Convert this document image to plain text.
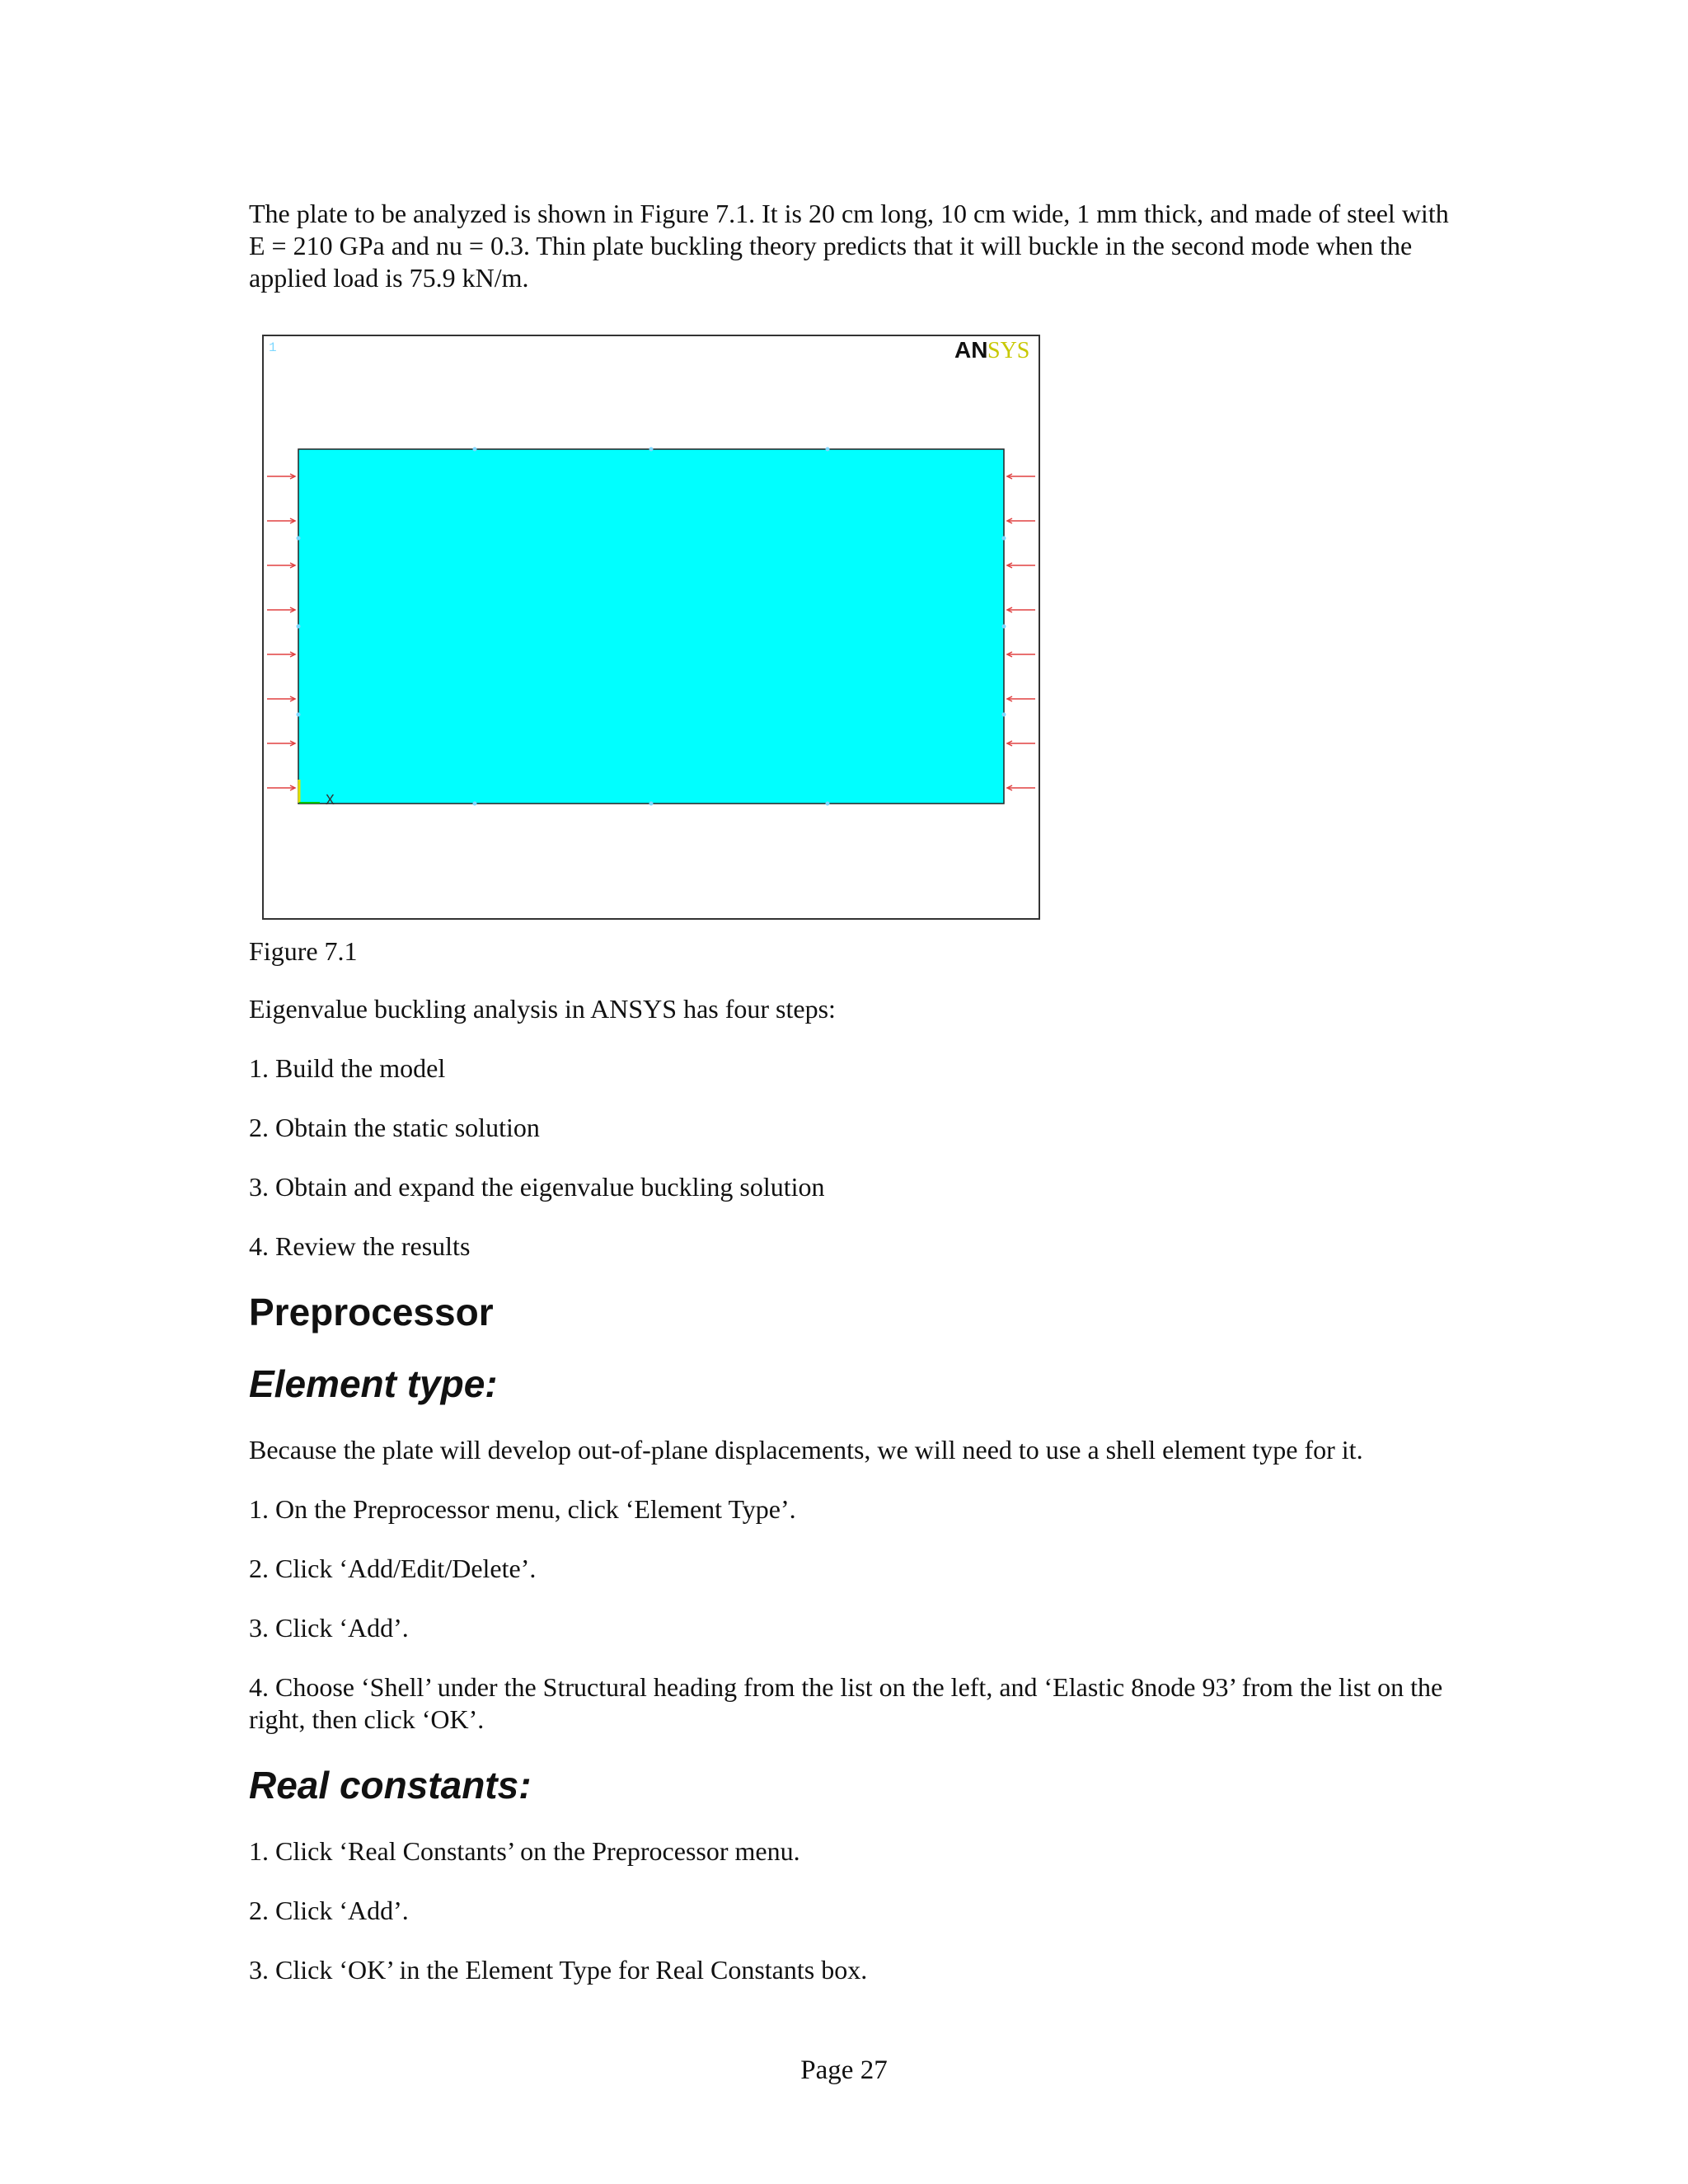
The plate to be analyzed is shown in Figure 7.1. It is 20 cm long, 10 cm wide, 1 mm thick, and made of steel with E = 210 GPa and nu = 0.3. Thin plate buckling theory predicts that it will buckle in the second mode when the applied load is 75.9 kN/m.

1	AN SYS
X

Figure 7.1

Eigenvalue buckling analysis in ANSYS has four steps:

1. Build the model

2. Obtain the static solution

3. Obtain and expand the eigenvalue buckling solution

4. Review the results

Preprocessor
Element type:

Because the plate will develop out-of-plane displacements, we will need to use a shell element type for it.

1. On the Preprocessor menu, click ‘Element Type’.

2. Click ‘Add/Edit/Delete’.

3. Click ‘Add’.

4. Choose ‘Shell’ under the Structural heading from the list on the left, and ‘Elastic 8node 93’ from the list on the right, then click ‘OK’.

Real constants:

1. Click ‘Real Constants’ on the Preprocessor menu.

2. Click ‘Add’.

3. Click ‘OK’ in the Element Type for Real Constants box.

Page 27
